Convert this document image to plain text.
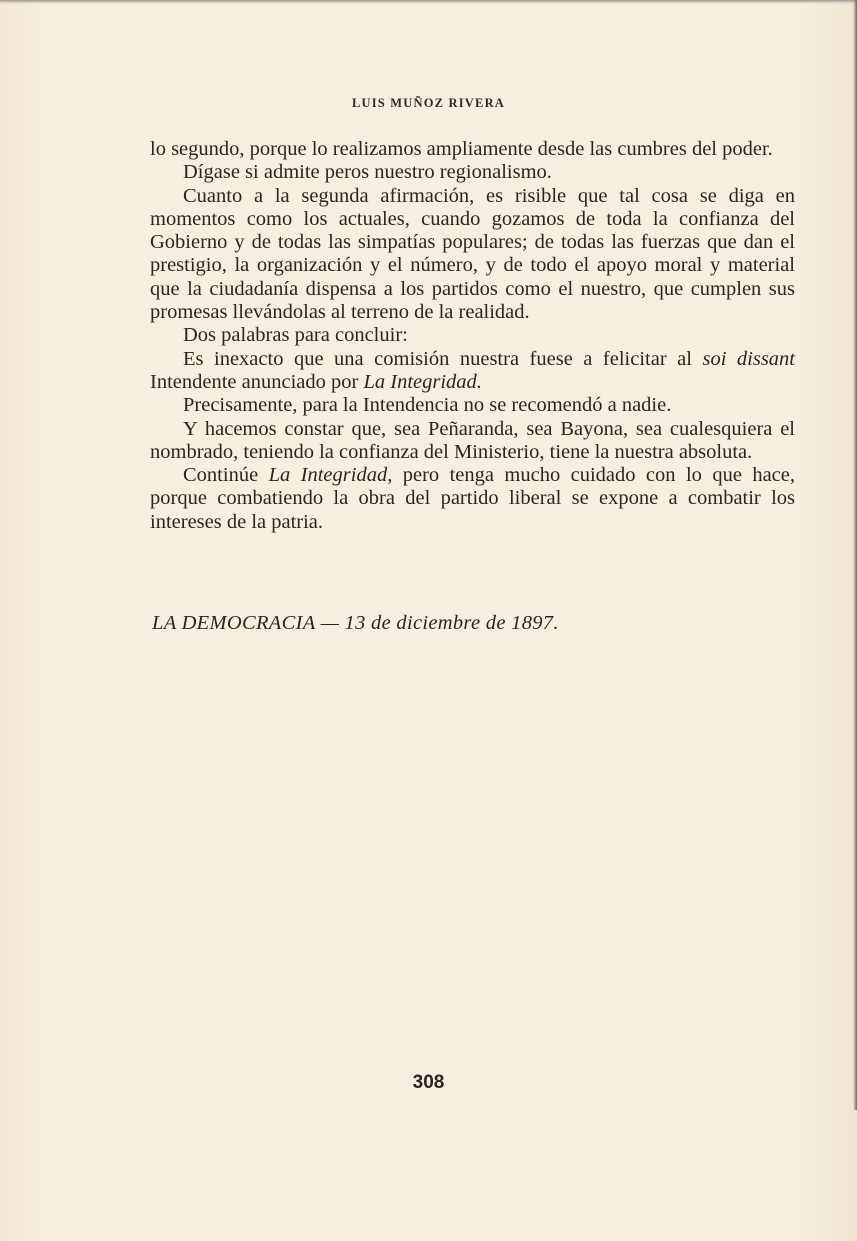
LUIS MUÑOZ RIVERA

lo segundo, porque lo realizamos ampliamente desde las cumbres del poder.

Dígase si admite peros nuestro regionalismo.

Cuanto a la segunda afirmación, es risible que tal cosa se diga en momentos como los actuales, cuando gozamos de toda la confianza del Gobierno y de todas las simpatías populares; de todas las fuerzas que dan el prestigio, la organización y el número, y de todo el apoyo moral y material que la ciudadanía dispensa a los partidos como el nuestro, que cumplen sus promesas llevándolas al terreno de la realidad.

Dos palabras para concluir:

Es inexacto que una comisión nuestra fuese a felicitar al soi dissant Intendente anunciado por La Integridad.

Precisamente, para la Intendencia no se recomendó a nadie.

Y hacemos constar que, sea Peñaranda, sea Bayona, sea cualesquiera el nombrado, teniendo la confianza del Ministerio, tiene la nuestra absoluta.

Continúe La Integridad, pero tenga mucho cuidado con lo que hace, porque combatiendo la obra del partido liberal se expone a combatir los intereses de la patria.

LA DEMOCRACIA — 13 de diciembre de 1897.
308
